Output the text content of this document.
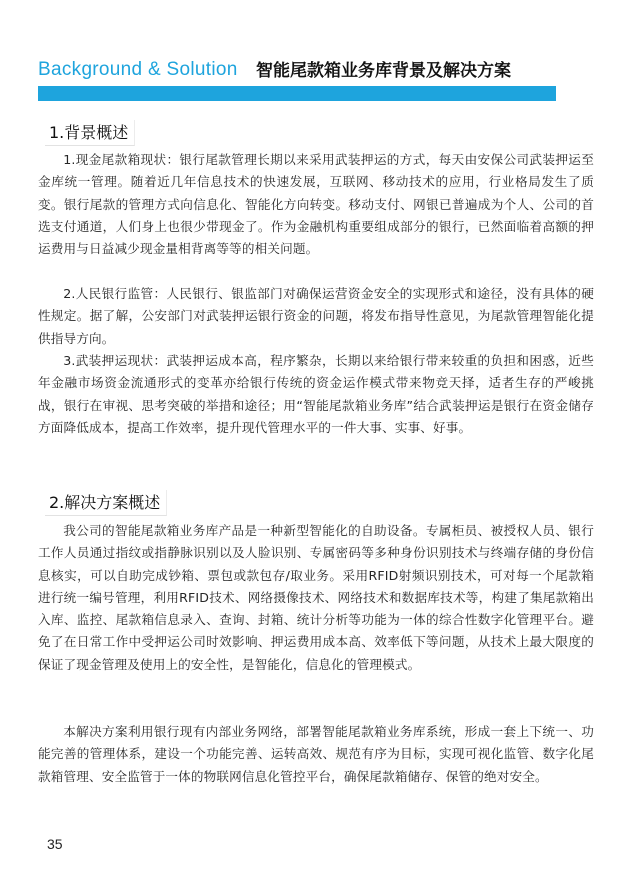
Background & Solution 智能尾款箱业务库背景及解决方案
1.背景概述

1.现金尾款箱现状：银行尾款管理长期以来采用武装押运的方式，每天由安保公司武装押运至金库统一管理。随着近几年信息技术的快速发展，互联网、移动技术的应用，行业格局发生了质变。银行尾款的管理方式向信息化、智能化方向转变。移动支付、网银已普遍成为个人、公司的首选支付通道，人们身上也很少带现金了。作为金融机构重要组成部分的银行，已然面临着高额的押运费用与日益减少现金量相背离等等的相关问题。

2.人民银行监管：人民银行、银监部门对确保运营资金安全的实现形式和途径，没有具体的硬性规定。据了解，公安部门对武装押运银行资金的问题，将发布指导性意见，为尾款管理智能化提供指导方向。

3.武装押运现状：武装押运成本高，程序繁杂，长期以来给银行带来较重的负担和困惑，近些年金融市场资金流通形式的变革亦给银行传统的资金运作模式带来物竞天择，适者生存的严峻挑战，银行在审视、思考突破的举措和途径；用“智能尾款箱业务库”结合武装押运是银行在资金储存方面降低成本，提高工作效率，提升现代管理水平的一件大事、实事、好事。

2.解决方案概述

我公司的智能尾款箱业务库产品是一种新型智能化的自助设备。专属柜员、被授权人员、银行工作人员通过指纹或指静脉识别以及人脸识别、专属密码等多种身份识别技术与终端存储的身份信息核实，可以自助完成钞箱、票包或款包存/取业务。采用RFID射频识别技术，可对每一个尾款箱进行统一编号管理，利用RFID技术、网络摄像技术、网络技术和数据库技术等，构建了集尾款箱出入库、监控、尾款箱信息录入、查询、封箱、统计分析等功能为一体的综合性数字化管理平台。避免了在日常工作中受押运公司时效影响、押运费用成本高、效率低下等问题，从技术上最大限度的保证了现金管理及使用上的安全性，是智能化，信息化的管理模式。

本解决方案利用银行现有内部业务网络，部署智能尾款箱业务库系统，形成一套上下统一、功能完善的管理体系，建设一个功能完善、运转高效、规范有序为目标，实现可视化监管、数字化尾款箱管理、安全监管于一体的物联网信息化管控平台，确保尾款箱储存、保管的绝对安全。

35
